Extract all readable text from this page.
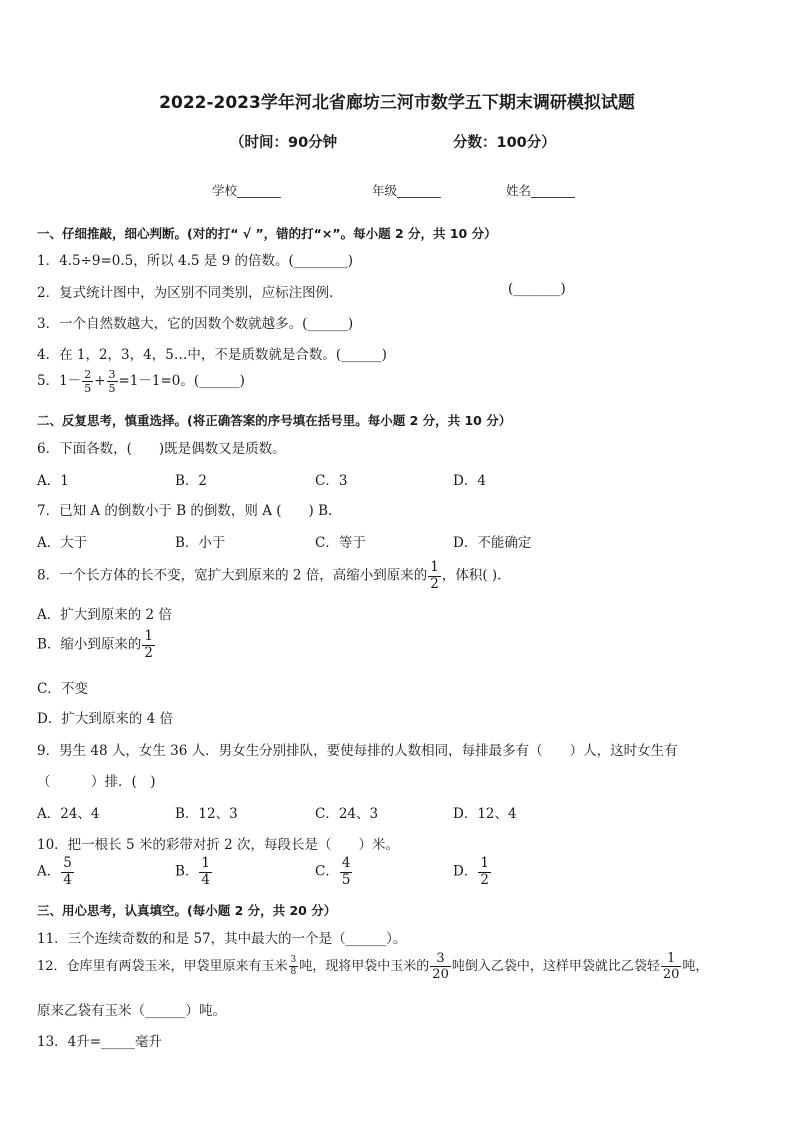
2022-2023学年河北省廊坊三河市数学五下期末调研模拟试题
（时间：90分钟	分数：100分）
学校_______	年级_______	姓名_______
一、仔细推敲，细心判断。(对的打“ √ ”，错的打“×”。每小题 2 分，共 10 分）
1．4.5÷9=0.5，所以 4.5 是 9 的倍数。(________)
2．复式统计图中，为区别不同类别，应标注图例.	(_______)
3．一个自然数越大，它的因数个数就越多。(______)
4．在 1，2，3，4，5…中，不是质数就是合数。(______)
5．$1- \frac{2}{5} + \frac{3}{5} =1-1=0$。(______)
二、反复思考，慎重选择。(将正确答案的序号填在括号里。每小题 2 分，共 10 分）
6．下面各数，(　　)既是偶数又是质数。
A．1	B．2	C．3	D．4
7．已知 A 的倒数小于 B 的倒数，则 A (　　) B．
A．大于	B．小于	C．等于	D．不能确定
8．一个长方体的长不变，宽扩大到原来的 2 倍，高缩小到原来的 $\frac{1}{2}$ ，体积( ).
A．扩大到原来的 2 倍
B．缩小到原来的 $\frac{1}{2}$
C．不变
D．扩大到原来的 4 倍
9．男生 48 人，女生 36 人．男女生分别排队，要使每排的人数相同，每排最多有（　　）人，这时女生有
（　　　）排．(　)
A．24、4	B．12、3	C．24、3	D．12、4
10．把一根长 5 米的彩带对折 2 次，每段长是（　　）米。
A． $\frac{5}{4}$	B． $\frac{1}{4}$	C． $\frac{4}{5}$	D． $\frac{1}{2}$
三、用心思考，认真填空。(每小题 2 分，共 20 分）
11．三个连续奇数的和是 57，其中最大的一个是（______）。
12．仓库里有两袋玉米，甲袋里原来有玉米 $\frac{3}{8}$ 吨，现将甲袋中玉米的 $\frac{3}{20}$ 吨倒入乙袋中，这样甲袋就比乙袋轻 $\frac{1}{20}$ 吨，
原来乙袋有玉米（______）吨。
13．4升=_____毫升
